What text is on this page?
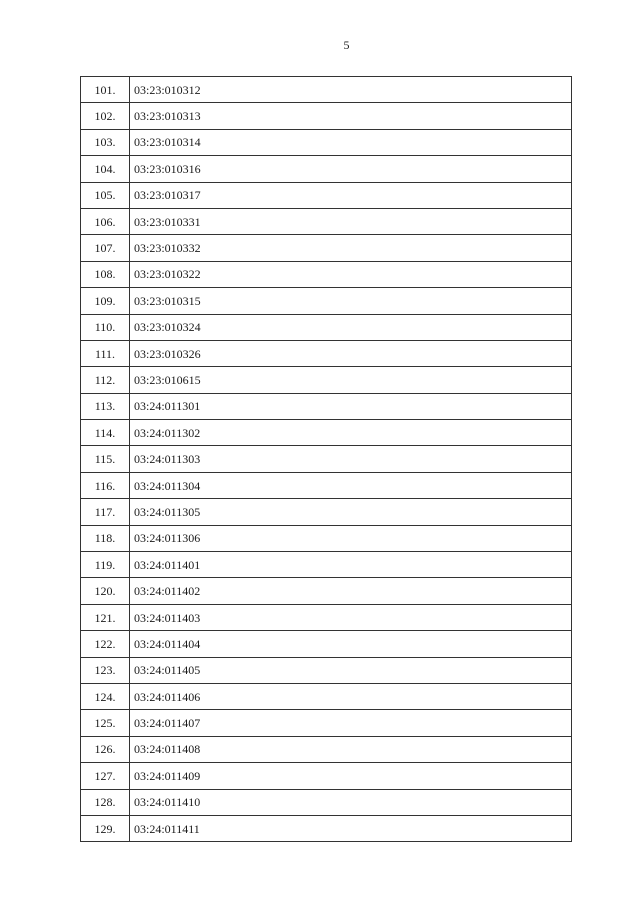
5
101.	03:23:010312
102.	03:23:010313
103.	03:23:010314
104.	03:23:010316
105.	03:23:010317
106.	03:23:010331
107.	03:23:010332
108.	03:23:010322
109.	03:23:010315
110.	03:23:010324
111.	03:23:010326
112.	03:23:010615
113.	03:24:011301
114.	03:24:011302
115.	03:24:011303
116.	03:24:011304
117.	03:24:011305
118.	03:24:011306
119.	03:24:011401
120.	03:24:011402
121.	03:24:011403
122.	03:24:011404
123.	03:24:011405
124.	03:24:011406
125.	03:24:011407
126.	03:24:011408
127.	03:24:011409
128.	03:24:011410
129.	03:24:011411
